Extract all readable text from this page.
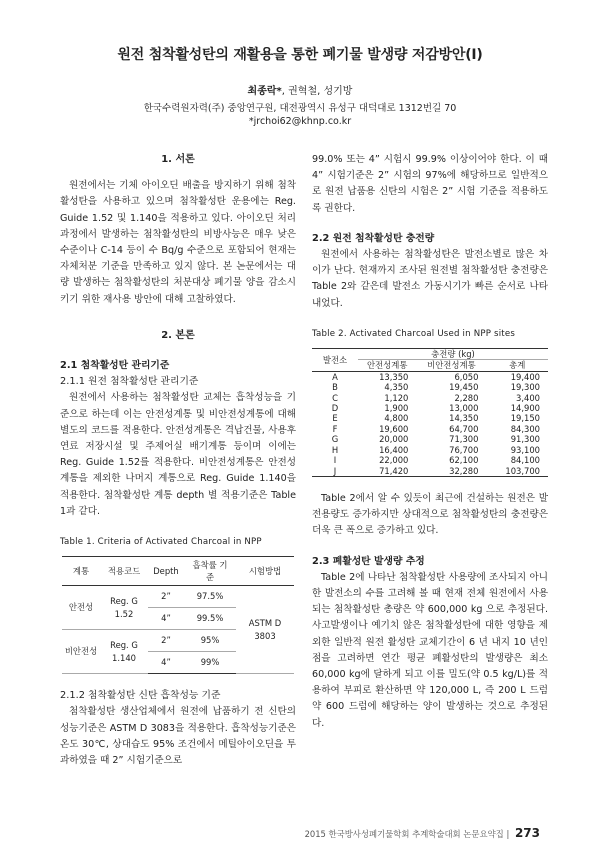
원전 첨착활성탄의 재활용을 통한 폐기물 발생량 저감방안(I)
최종락*, 권혁철, 성기방
한국수력원자력(주) 중앙연구원, 대전광역시 유성구 대덕대로 1312번길 70
*jrchoi62@khnp.co.kr

1. 서론

원전에서는 기체 아이오딘 배출을 방지하기 위해 첨착활성탄을 사용하고 있으며 첨착활성탄 운용에는 Reg. Guide 1.52 및 1.140을 적용하고 있다. 아이오딘 처리 과정에서 발생하는 첨착활성탄의 비방사능은 매우 낮은 수준이나 C-14 등이 수 Bq/g 수준으로 포함되어 현재는 자체처분 기준을 만족하고 있지 않다. 본 논문에서는 대량 발생하는 첨착활성탄의 처분대상 폐기물 양을 감소시키기 위한 재사용 방안에 대해 고찰하였다.

2. 본론

2.1 첨착활성탄 관리기준

2.1.1 원전 첨착활성탄 관리기준

원전에서 사용하는 첨착활성탄 교체는 흡착성능을 기준으로 하는데 이는 안전성계통 및 비안전성계통에 대해 별도의 코드를 적용한다. 안전성계통은 격납건물, 사용후연료 저장시설 및 주제어실 배기계통 등이며 이에는 Reg. Guide 1.52를 적용한다. 비안전성계통은 안전성계통을 제외한 나머지 계통으로 Reg. Guide 1.140을 적용한다. 첨착활성탄 계통 depth 별 적용기준은 Table 1과 같다.

Table 1. Criteria of Activated Charcoal in NPP

계통	적용코드	Depth	흡착률 기준	시험방법
안전성	Reg. G 1.52	2”	97.5%	ASTM D 3803
		4”	99.5%	
비안전성	Reg. G 1.140	2”	95%	
		4”	99%	

2.1.2 첨착활성탄 신탄 흡착성능 기준

첨착활성탄 생산업체에서 원전에 납품하기 전 신탄의 성능기준은 ASTM D 3083을 적용한다. 흡착성능기준은 온도 30℃, 상대습도 95% 조건에서 메틸아이오딘을 투과하였을 때 2” 시험기준으로

99.0% 또는 4” 시험시 99.9% 이상이어야 한다. 이 때 4” 시험기준은 2” 시험의 97%에 해당하므로 일반적으로 원전 납품용 신탄의 시험은 2” 시험 기준을 적용하도록 권한다.

2.2 원전 첨착활성탄 충전량

원전에서 사용하는 첨착활성탄은 발전소별로 많은 차이가 난다. 현재까지 조사된 원전별 첨착활성탄 충전량은 Table 2와 같은데 발전소 가동시기가 빠른 순서로 나타내었다.

Table 2. Activated Charcoal Used in NPP sites

발전소	충전량 (kg)		
	안전성계통	비안전성계통	총계
A	13,350	6,050	19,400
B	4,350	19,450	19,300
C	1,120	2,280	3,400
D	1,900	13,000	14,900
E	4,800	14,350	19,150
F	19,600	64,700	84,300
G	20,000	71,300	91,300
H	16,400	76,700	93,100
I	22,000	62,100	84,100
J	71,420	32,280	103,700

Table 2에서 알 수 있듯이 최근에 건설하는 원전은 발전용량도 증가하지만 상대적으로 첨착활성탄의 충전량은 더욱 큰 폭으로 증가하고 있다.

2.3 폐활성탄 발생량 추정

Table 2에 나타난 첨착활성탄 사용량에 조사되지 아니한 발전소의 수를 고려해 볼 때 현재 전체 원전에서 사용되는 첨착활성탄 총량은 약 600,000 kg 으로 추정된다. 사고발생이나 예기치 않은 첨착활성탄에 대한 영향을 제외한 일반적 원전 활성탄 교체기간이 6 년 내지 10 년인 점을 고려하면 연간 평균 폐활성탄의 발생량은 최소 60,000 kg에 달하게 되고 이를 밀도(약 0.5 kg/L)를 적용하여 부피로 환산하면 약 120,000 L, 즉 200 L 드럼 약 600 드럼에 해당하는 양이 발생하는 것으로 추정된다.

2015 한국방사성폐기물학회 추계학술대회 논문요약집 | 273
